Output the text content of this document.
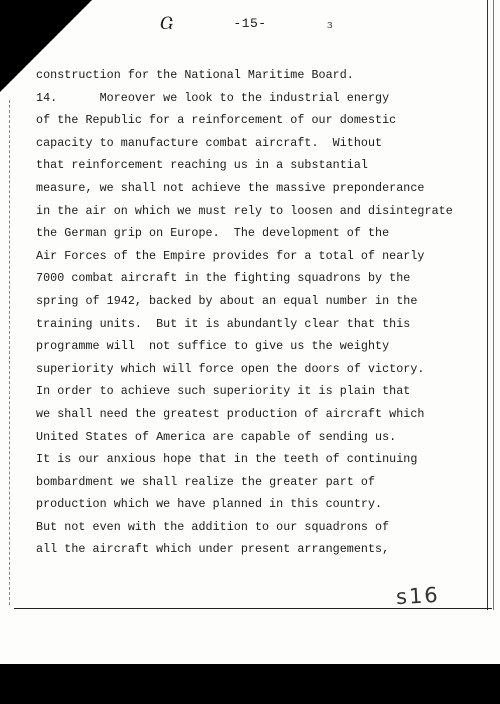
Ⴚ	-15-	ɜ
construction for the National Maritime Board.
14.      Moreover we look to the industrial energy
of the Republic for a reinforcement of our domestic
capacity to manufacture combat aircraft.  Without
that reinforcement reaching us in a substantial
measure, we shall not achieve the massive preponderance
in the air on which we must rely to loosen and disintegrate
the German grip on Europe.  The development of the
Air Forces of the Empire provides for a total of nearly
7000 combat aircraft in the fighting squadrons by the
spring of 1942, backed by about an equal number in the
training units.  But it is abundantly clear that this
programme will  not suffice to give us the weighty
superiority which will force open the doors of victory.
In order to achieve such superiority it is plain that
we shall need the greatest production of aircraft which
United States of America are capable of sending us.
It is our anxious hope that in the teeth of continuing
bombardment we shall realize the greater part of
production which we have planned in this country.
But not even with the addition to our squadrons of
all the aircraft which under present arrangements,
s16
